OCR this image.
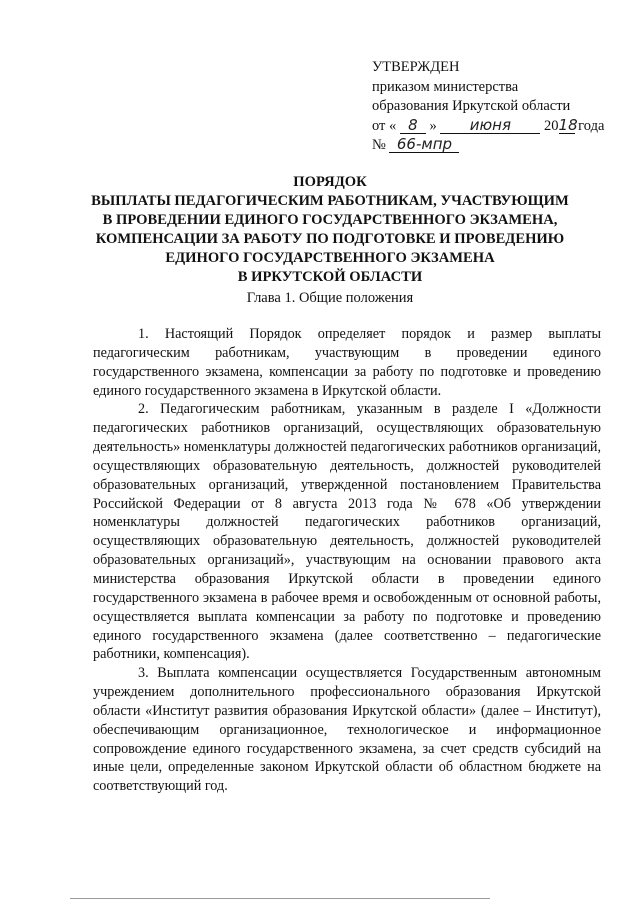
УТВЕРЖДЕН
приказом министерства
образования Иркутской области
от « 8 » июня 2018 года
№ 66-мпр
ПОРЯДОК
ВЫПЛАТЫ ПЕДАГОГИЧЕСКИМ РАБОТНИКАМ, УЧАСТВУЮЩИМ
В ПРОВЕДЕНИИ ЕДИНОГО ГОСУДАРСТВЕННОГО ЭКЗАМЕНА,
КОМПЕНСАЦИИ ЗА РАБОТУ ПО ПОДГОТОВКЕ И ПРОВЕДЕНИЮ
ЕДИНОГО ГОСУДАРСТВЕННОГО ЭКЗАМЕНА
В ИРКУТСКОЙ ОБЛАСТИ
Глава 1. Общие положения

1. Настоящий Порядок определяет порядок и размер выплаты педагогическим работникам, участвующим в проведении единого государственного экзамена, компенсации за работу по подготовке и проведению единого государственного экзамена в Иркутской области.

2. Педагогическим работникам, указанным в разделе I «Должности педагогических работников организаций, осуществляющих образовательную деятельность» номенклатуры должностей педагогических работников организаций, осуществляющих образовательную деятельность, должностей руководителей образовательных организаций, утвержденной постановлением Правительства Российской Федерации от 8 августа 2013 года № 678 «Об утверждении номенклатуры должностей педагогических работников организаций, осуществляющих образовательную деятельность, должностей руководителей образовательных организаций», участвующим на основании правового акта министерства образования Иркутской области в проведении единого государственного экзамена в рабочее время и освобожденным от основной работы, осуществляется выплата компенсации за работу по подготовке и проведению единого государственного экзамена (далее соответственно – педагогические работники, компенсация).

3. Выплата компенсации осуществляется Государственным автономным учреждением дополнительного профессионального образования Иркутской области «Институт развития образования Иркутской области» (далее – Институт), обеспечивающим организационное, технологическое и информационное сопровождение единого государственного экзамена, за счет средств субсидий на иные цели, определенные законом Иркутской области об областном бюджете на соответствующий год.
